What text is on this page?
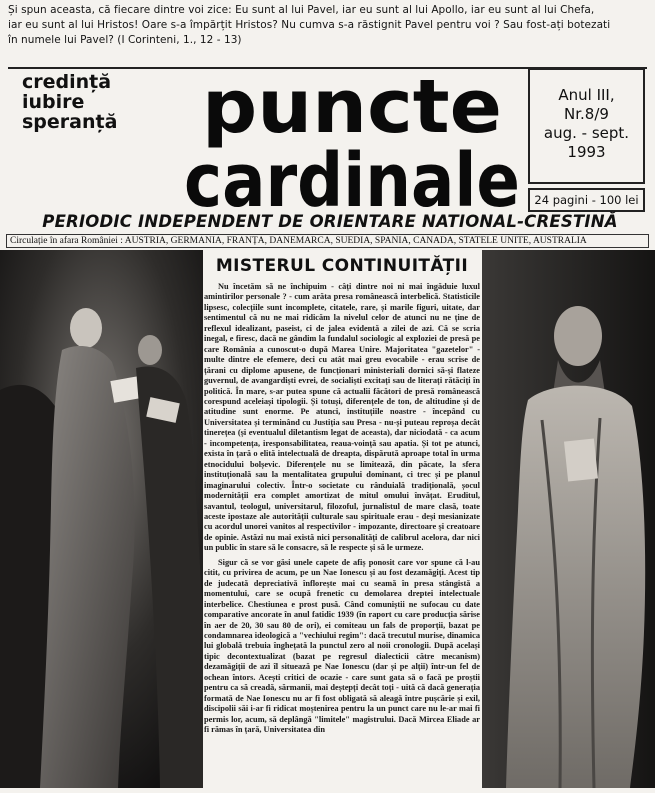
Și spun aceasta, că fiecare dintre voi zice: Eu sunt al lui Pavel, iar eu sunt al lui Apollo, iar eu sunt al lui Chefa,

iar eu sunt al lui Hristos! Oare s-a împărțit Hristos? Nu cumva s-a răstignit Pavel pentru voi ? Sau fost-ați botezati

în numele lui Pavel? (I Corinteni, 1., 12 - 13)

credință
iubire
speranță	puncte
cardinale
Anul III,
Nr.8/9
aug. - sept.
1993
24 pagini - 100 lei
PERIODIC INDEPENDENT DE ORIENTARE NATIONAL-CRESTINĂ
Circulație în afara României : AUSTRIA, GERMANIA, FRANȚA, DANEMARCA, SUEDIA, SPANIA, CANADA, STATELE UNITE, AUSTRALIA
MISTERUL CONTINUITĂȚII

Nu încetăm să ne închipuim - câți dintre noi ni mai îngăduie luxul amintirilor personale ? - cum arăta presa românească interbelică. Statisticile lipsesc, colecțiile sunt incomplete, citatele, rare, și marile figuri, uitate, dar sentimentul că nu ne mai ridicăm la nivelul celor de atunci nu ne ține de reflexul idealizant, paseist, ci de jalea evidentă a zilei de azi. Că se scria inegal, e firesc, dacă ne gândim la fundalul sociologic al exploziei de presă pe care România a cunoscut-o după Marea Unire. Majoritatea "gazetelor" - multe dintre ele efemere, deci cu atât mai greu evocabile - erau scrise de țărani cu diplome apusene, de funcționari ministeriali dornici să-și flateze guvernul, de avangardiști evrei, de socialiști excitați sau de literați rătăciți în politică. În mare, s-ar putea spune că actualii făcători de presă românească corespund aceleiași tipologii. Și totuși, diferențele de ton, de altitudine și de atitudine sunt enorme. Pe atunci, instituțiile noastre - începând cu Universitatea și terminând cu Justiția sau Presa - nu-și puteau reproșa decât tinerețea (și eventualul diletantism legat de aceasta), dar niciodată - ca acum - incompetența, iresponsabilitatea, reaua-voință sau apatia. Și tot pe atunci, exista în țară o elită intelectuală de dreapta, dispărută aproape total în urma etnocidului bolșevic. Diferențele nu se limitează, din păcate, la sfera instituțională sau la mentalitatea grupului dominant, ci trec și pe planul imaginarului colectiv. Într-o societate cu rânduială tradițională, șocul modernității era complet amortizat de mitul omului învățat. Eruditul, savantul, teologul, universitarul, filozoful, jurnalistul de mare clasă, toate aceste ipostaze ale autorității culturale sau spirituale erau - deși mesianizate cu acordul unorei vanitos al respectivilor - impozante, directoare și creatoare de opinie. Astăzi nu mai există nici personalități de calibrul acelora, dar nici un public în stare să le consacre, să le respecte și să le urmeze.

Sigur că se vor găsi unele capete de afiș ponosit care vor spune că l-au citit, cu privirea de acum, pe un Nae Ionescu și au fost dezamăgiți. Acest tip de judecată depreciativă înflorește mai cu seamă în presa stângistă a momentului, care se ocupă frenetic cu demolarea dreptei intelectuale interbelice. Chestiunea e prost pusă. Când comuniștii ne sufocau cu date comparative ancorate în anul fatidic 1939 (în raport cu care producția sărise în aer de 20, 30 sau 80 de ori), ei comiteau un fals de proporții, bazat pe condamnarea ideologică a "vechiului regim": dacă trecutul murise, dinamica lui globală trebuia înghețată la punctul zero al noii cronologii. După același tipic decontextualizat (bazat pe regresul dialecticii către mecanism) dezamăgiții de azi îl situează pe Nae Ionescu (dar și pe alții) într-un fel de ochean întors. Acești critici de ocazie - care sunt gata să o facă pe proștii pentru ca să creadă, sărmanii, mai deștepți decât toți - uită că dacă generația formată de Nae Ionescu nu ar fi fost obligată să aleagă între pușcărie și exil, discipolii săi i-ar fi ridicat moștenirea pentru la un punct care nu le-ar mai fi permis lor, acum, să deplângă "limitele" magistrului. Dacă Mircea Eliade ar fi rămas în țară, Universitatea din
